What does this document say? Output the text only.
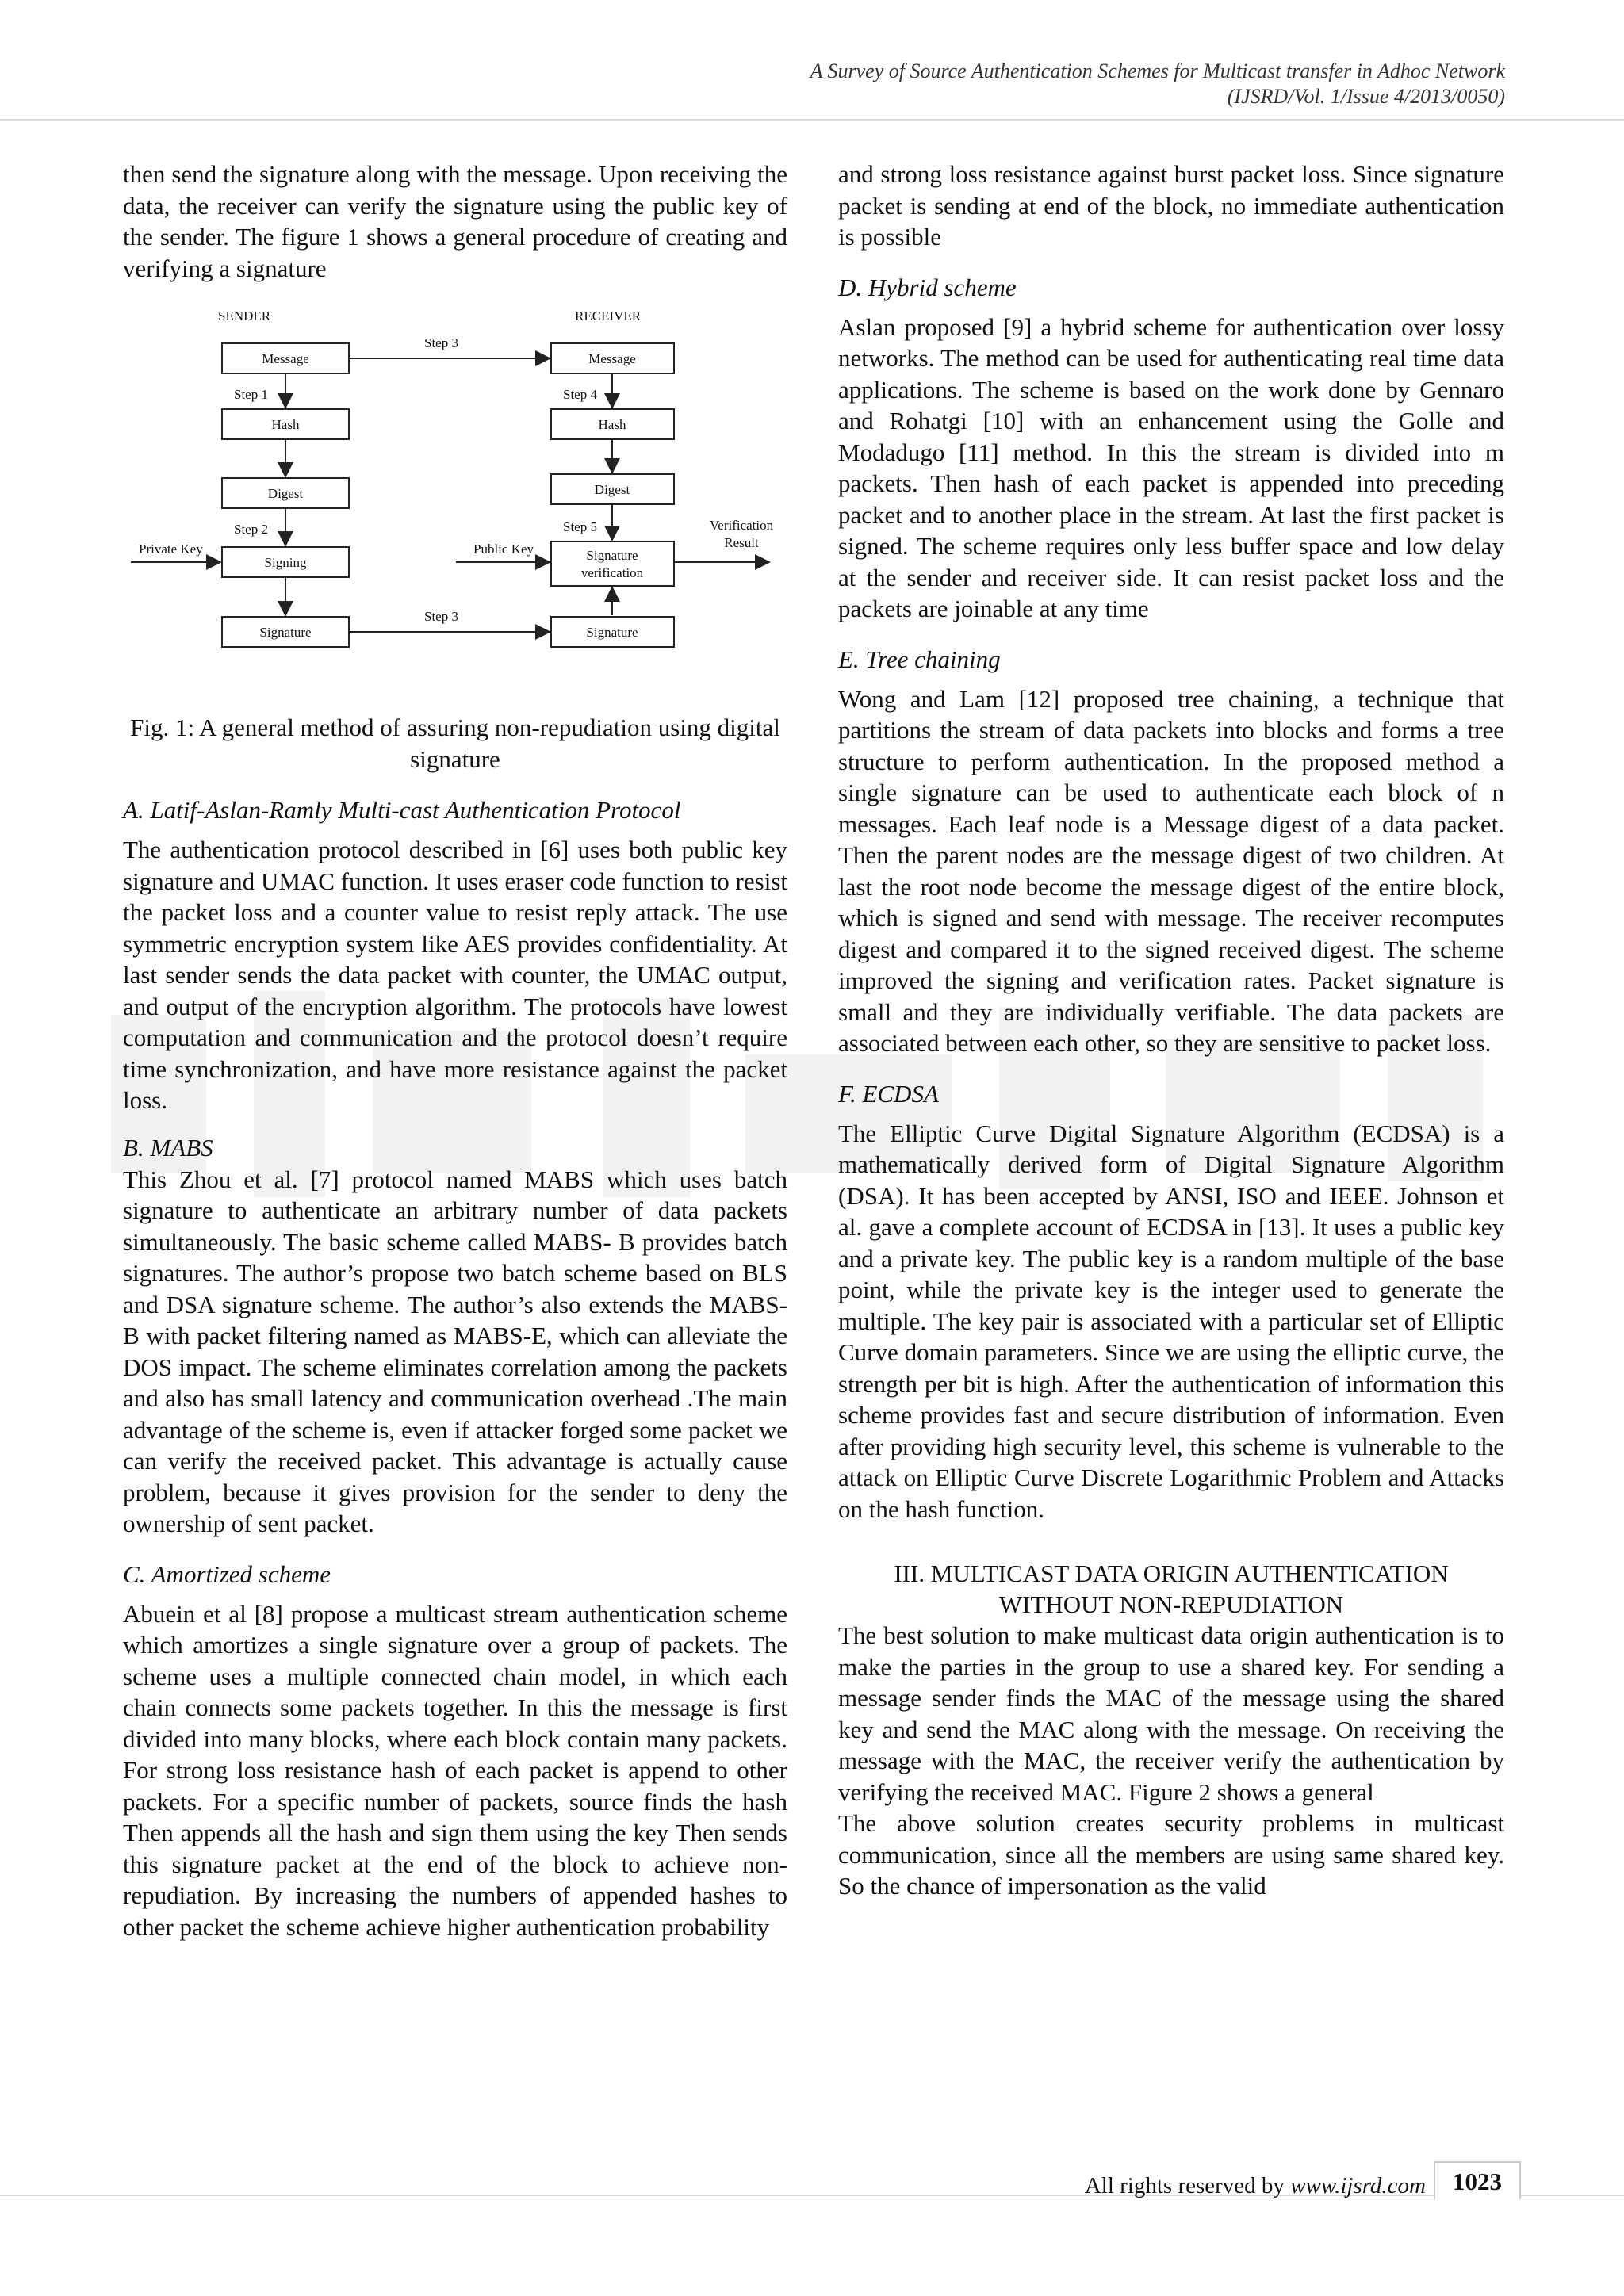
A Survey of Source Authentication Schemes for Multicast transfer in Adhoc Network
(IJSRD/Vol. 1/Issue 4/2013/0050)

then send the signature along with the message. Upon receiving the data, the receiver can verify the signature using the public key of the sender. The figure 1 shows a general procedure of creating and verifying a signature

SENDER	RECEIVER
Message
Hash
Digest
Signing
Signature
Message
Hash
Digest
Signature
verification
Signature
Verification
Result
Step 1
Step 2
Step 3
Step 3
Step 4
Step 5
Private Key	Public Key
Fig. 1: A general method of assuring non-repudiation using digital signature
A. Latif-Aslan-Ramly Multi-cast Authentication Protocol

The authentication protocol described in [6] uses both public key signature and UMAC function. It uses eraser code function to resist the packet loss and a counter value to resist reply attack. The use symmetric encryption system like AES provides confidentiality. At last sender sends the data packet with counter, the UMAC output, and output of the encryption algorithm. The protocols have lowest computation and communication and the protocol doesn’t require time synchronization, and have more resistance against the packet loss.

B. MABS

This Zhou et al. [7] protocol named MABS which uses batch signature to authenticate an arbitrary number of data packets simultaneously. The basic scheme called MABS- B provides batch signatures. The author’s propose two batch scheme based on BLS and DSA signature scheme. The author’s also extends the MABS-B with packet filtering named as MABS-E, which can alleviate the DOS impact. The scheme eliminates correlation among the packets and also has small latency and communication overhead .The main advantage of the scheme is, even if attacker forged some packet we can verify the received packet. This advantage is actually cause problem, because it gives provision for the sender to deny the ownership of sent packet.

C. Amortized scheme

Abuein et al [8] propose a multicast stream authentication scheme which amortizes a single signature over a group of packets. The scheme uses a multiple connected chain model, in which each chain connects some packets together. In this the message is first divided into many blocks, where each block contain many packets. For strong loss resistance hash of each packet is append to other packets. For a specific number of packets, source finds the hash Then appends all the hash and sign them using the key Then sends this signature packet at the end of the block to achieve non-repudiation. By increasing the numbers of appended hashes to other packet the scheme achieve higher authentication probability

and strong loss resistance against burst packet loss. Since signature packet is sending at end of the block, no immediate authentication is possible

D. Hybrid scheme

Aslan proposed [9] a hybrid scheme for authentication over lossy networks. The method can be used for authenticating real time data applications. The scheme is based on the work done by Gennaro and Rohatgi [10] with an enhancement using the Golle and Modadugo [11] method. In this the stream is divided into m packets. Then hash of each packet is appended into preceding packet and to another place in the stream. At last the first packet is signed. The scheme requires only less buffer space and low delay at the sender and receiver side. It can resist packet loss and the packets are joinable at any time

E. Tree chaining

Wong and Lam [12] proposed tree chaining, a technique that partitions the stream of data packets into blocks and forms a tree structure to perform authentication. In the proposed method a single signature can be used to authenticate each block of n messages. Each leaf node is a Message digest of a data packet. Then the parent nodes are the message digest of two children. At last the root node become the message digest of the entire block, which is signed and send with message. The receiver recomputes digest and compared it to the signed received digest. The scheme improved the signing and verification rates. Packet signature is small and they are individually verifiable. The data packets are associated between each other, so they are sensitive to packet loss.

F. ECDSA

The Elliptic Curve Digital Signature Algorithm (ECDSA) is a mathematically derived form of Digital Signature Algorithm (DSA). It has been accepted by ANSI, ISO and IEEE. Johnson et al. gave a complete account of ECDSA in [13]. It uses a public key and a private key. The public key is a random multiple of the base point, while the private key is the integer used to generate the multiple. The key pair is associated with a particular set of Elliptic Curve domain parameters. Since we are using the elliptic curve, the strength per bit is high. After the authentication of information this scheme provides fast and secure distribution of information. Even after providing high security level, this scheme is vulnerable to the attack on Elliptic Curve Discrete Logarithmic Problem and Attacks on the hash function.

III. MULTICAST DATA ORIGIN AUTHENTICATION
WITHOUT NON-REPUDIATION

The best solution to make multicast data origin authentication is to make the parties in the group to use a shared key. For sending a message sender finds the MAC of the message using the shared key and send the MAC along with the message. On receiving the message with the MAC, the receiver verify the authentication by verifying the received MAC. Figure 2 shows a general

The above solution creates security problems in multicast communication, since all the members are using same shared key. So the chance of impersonation as the valid

All rights reserved by www.ijsrd.com	1023
